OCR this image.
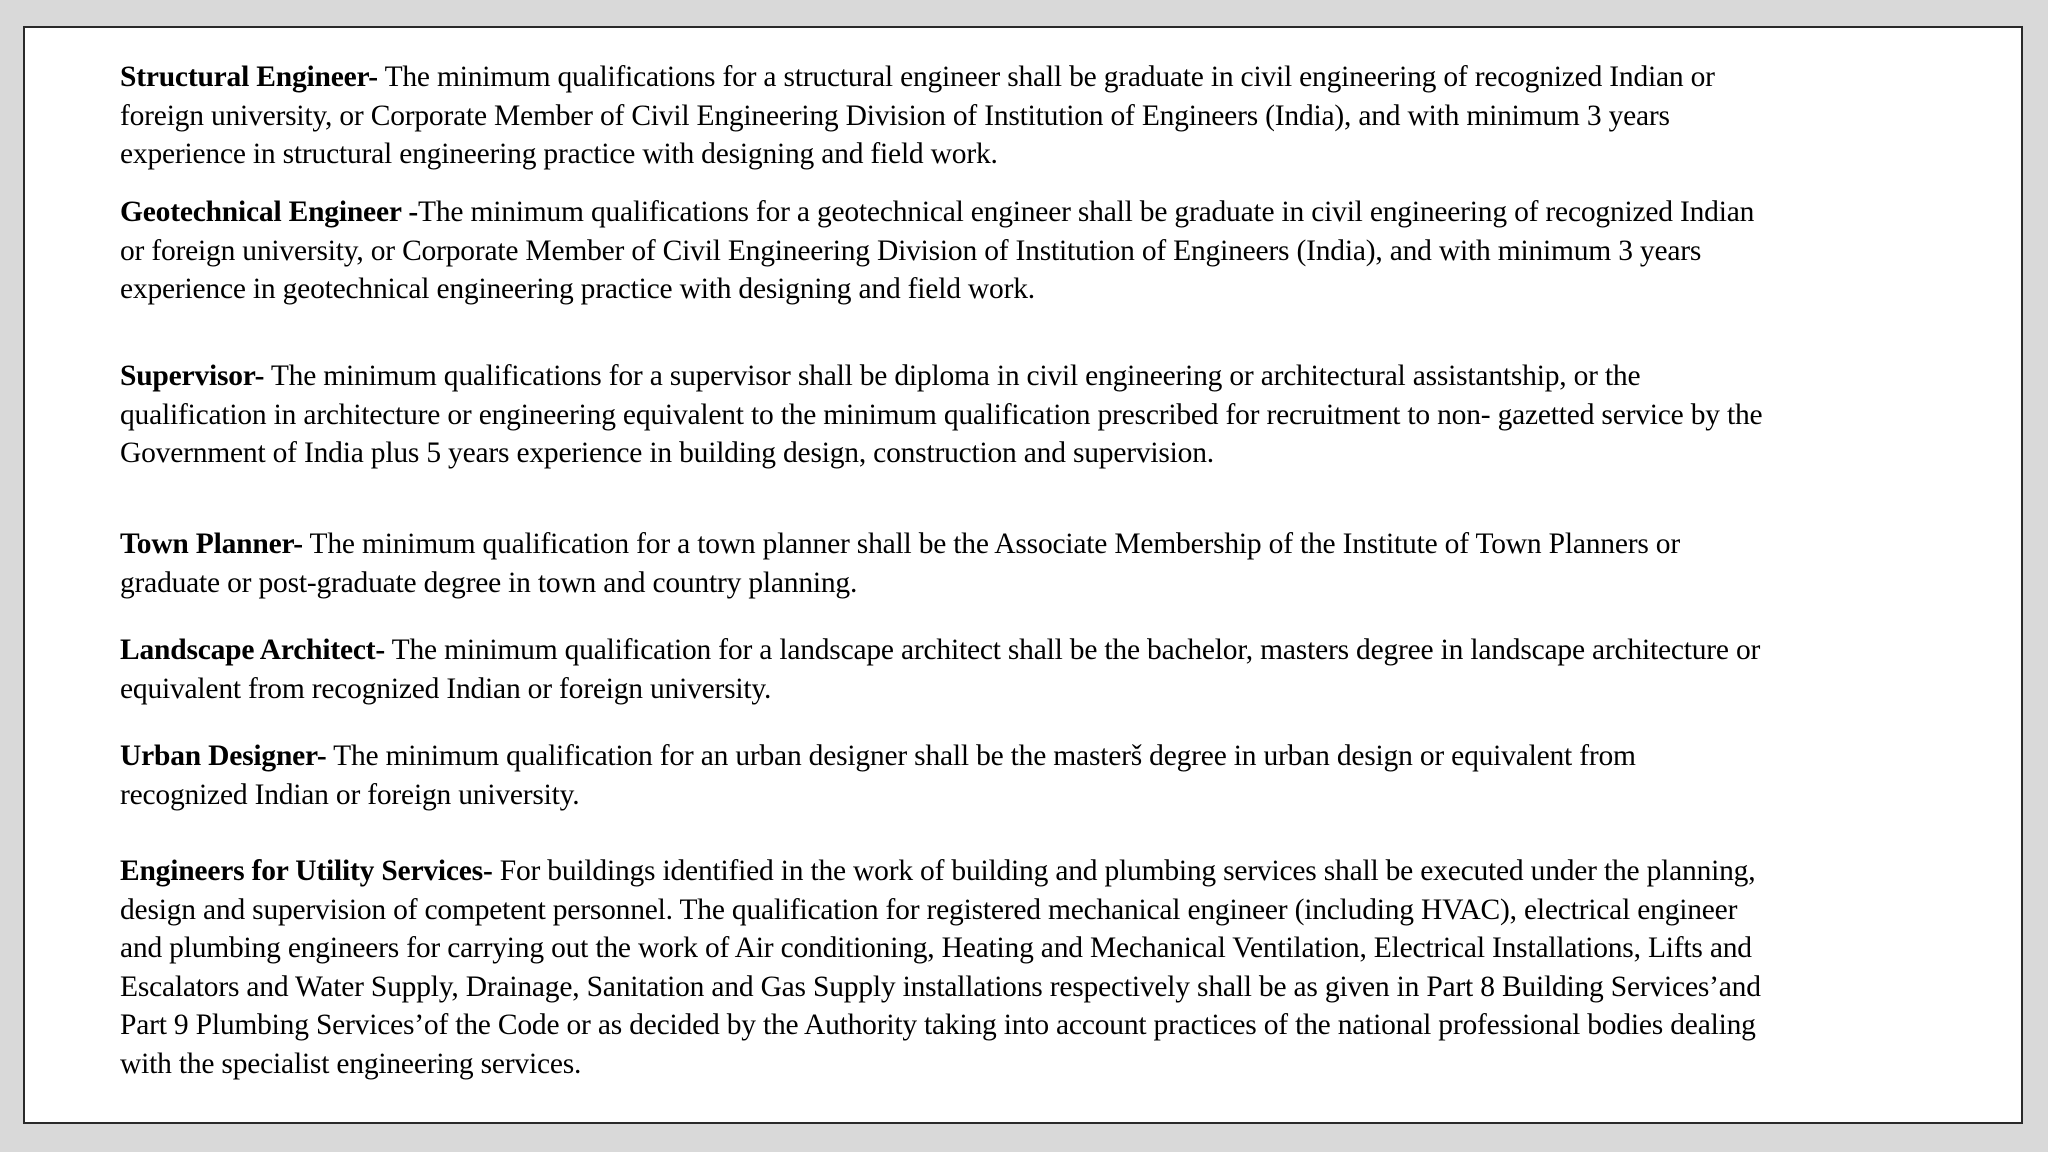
Structural Engineer- The minimum qualifications for a structural engineer shall be graduate in civil engineering of recognized Indian or
foreign university, or Corporate Member of Civil Engineering Division of Institution of Engineers (India), and with minimum 3 years
experience in structural engineering practice with designing and field work.

Geotechnical Engineer -The minimum qualifications for a geotechnical engineer shall be graduate in civil engineering of recognized Indian
or foreign university, or Corporate Member of Civil Engineering Division of Institution of Engineers (India), and with minimum 3 years
experience in geotechnical engineering practice with designing and field work.

Supervisor- The minimum qualifications for a supervisor shall be diploma in civil engineering or architectural assistantship, or the
qualification in architecture or engineering equivalent to the minimum qualification prescribed for recruitment to non- gazetted service by the
Government of India plus 5 years experience in building design, construction and supervision.

Town Planner- The minimum qualification for a town planner shall be the Associate Membership of the Institute of Town Planners or
graduate or post-graduate degree in town and country planning.

Landscape Architect- The minimum qualification for a landscape architect shall be the bachelor, masters degree in landscape architecture or
equivalent from recognized Indian or foreign university.

Urban Designer- The minimum qualification for an urban designer shall be the masterš degree in urban design or equivalent from
recognized Indian or foreign university.

Engineers for Utility Services- For buildings identified in the work of building and plumbing services shall be executed under the planning,
design and supervision of competent personnel. The qualification for registered mechanical engineer (including HVAC), electrical engineer
and plumbing engineers for carrying out the work of Air conditioning, Heating and Mechanical Ventilation, Electrical Installations, Lifts and
Escalators and Water Supply, Drainage, Sanitation and Gas Supply installations respectively shall be as given in Part 8 Building Services’and
Part 9 Plumbing Services’of the Code or as decided by the Authority taking into account practices of the national professional bodies dealing
with the specialist engineering services.
